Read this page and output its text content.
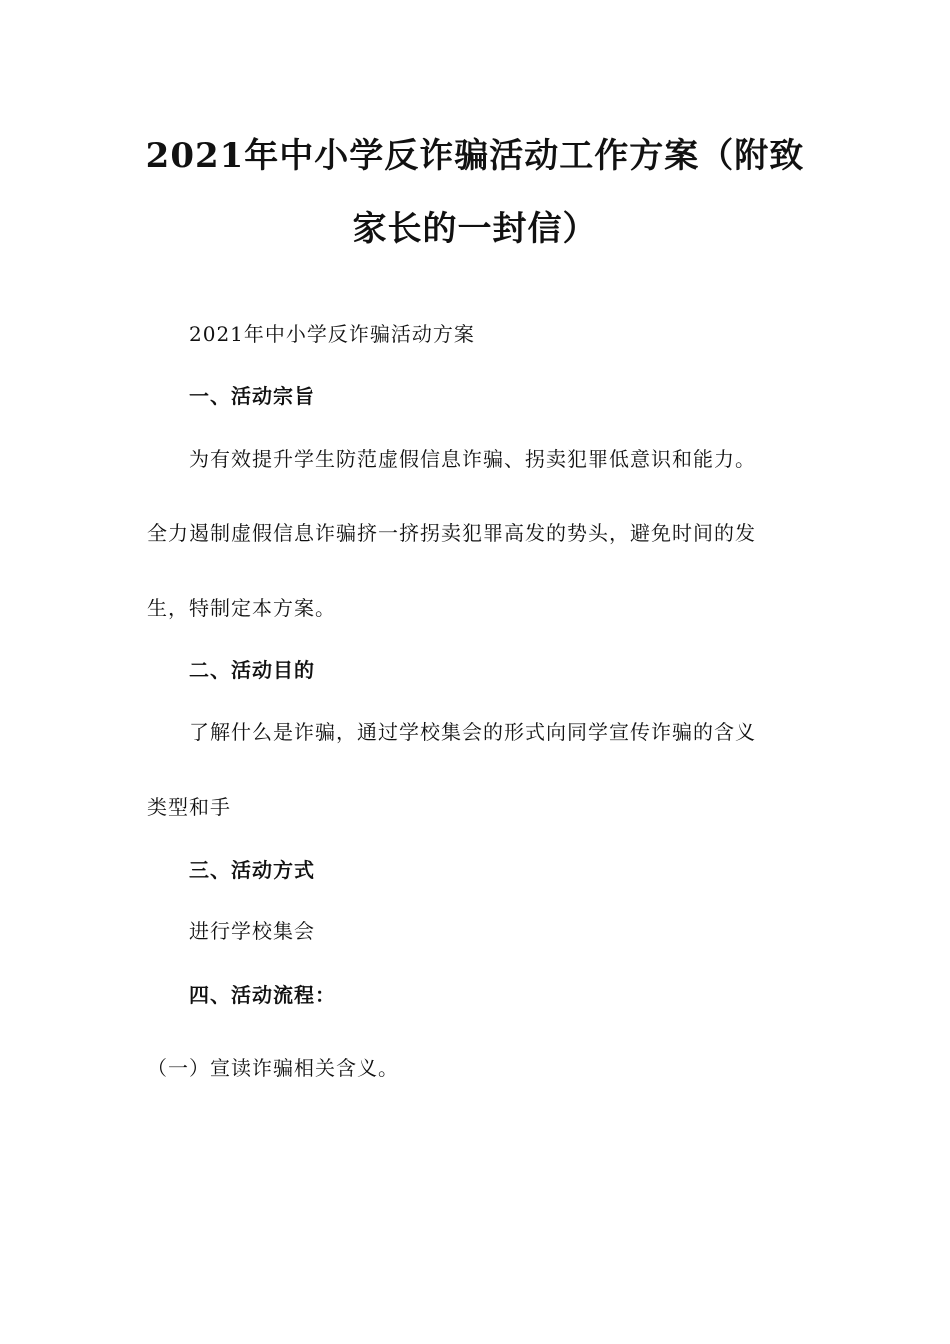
2021年中小学反诈骗活动工作方案（附致
家长的一封信）
2021年中小学反诈骗活动方案
一、活动宗旨
为有效提升学生防范虚假信息诈骗、拐卖犯罪低意识和能力。
全力遏制虚假信息诈骗挤一挤拐卖犯罪高发的势头，避免时间的发
生，特制定本方案。
二、活动目的
了解什么是诈骗，通过学校集会的形式向同学宣传诈骗的含义
类型和手
三、活动方式
进行学校集会
四、活动流程：
（一）宣读诈骗相关含义。
